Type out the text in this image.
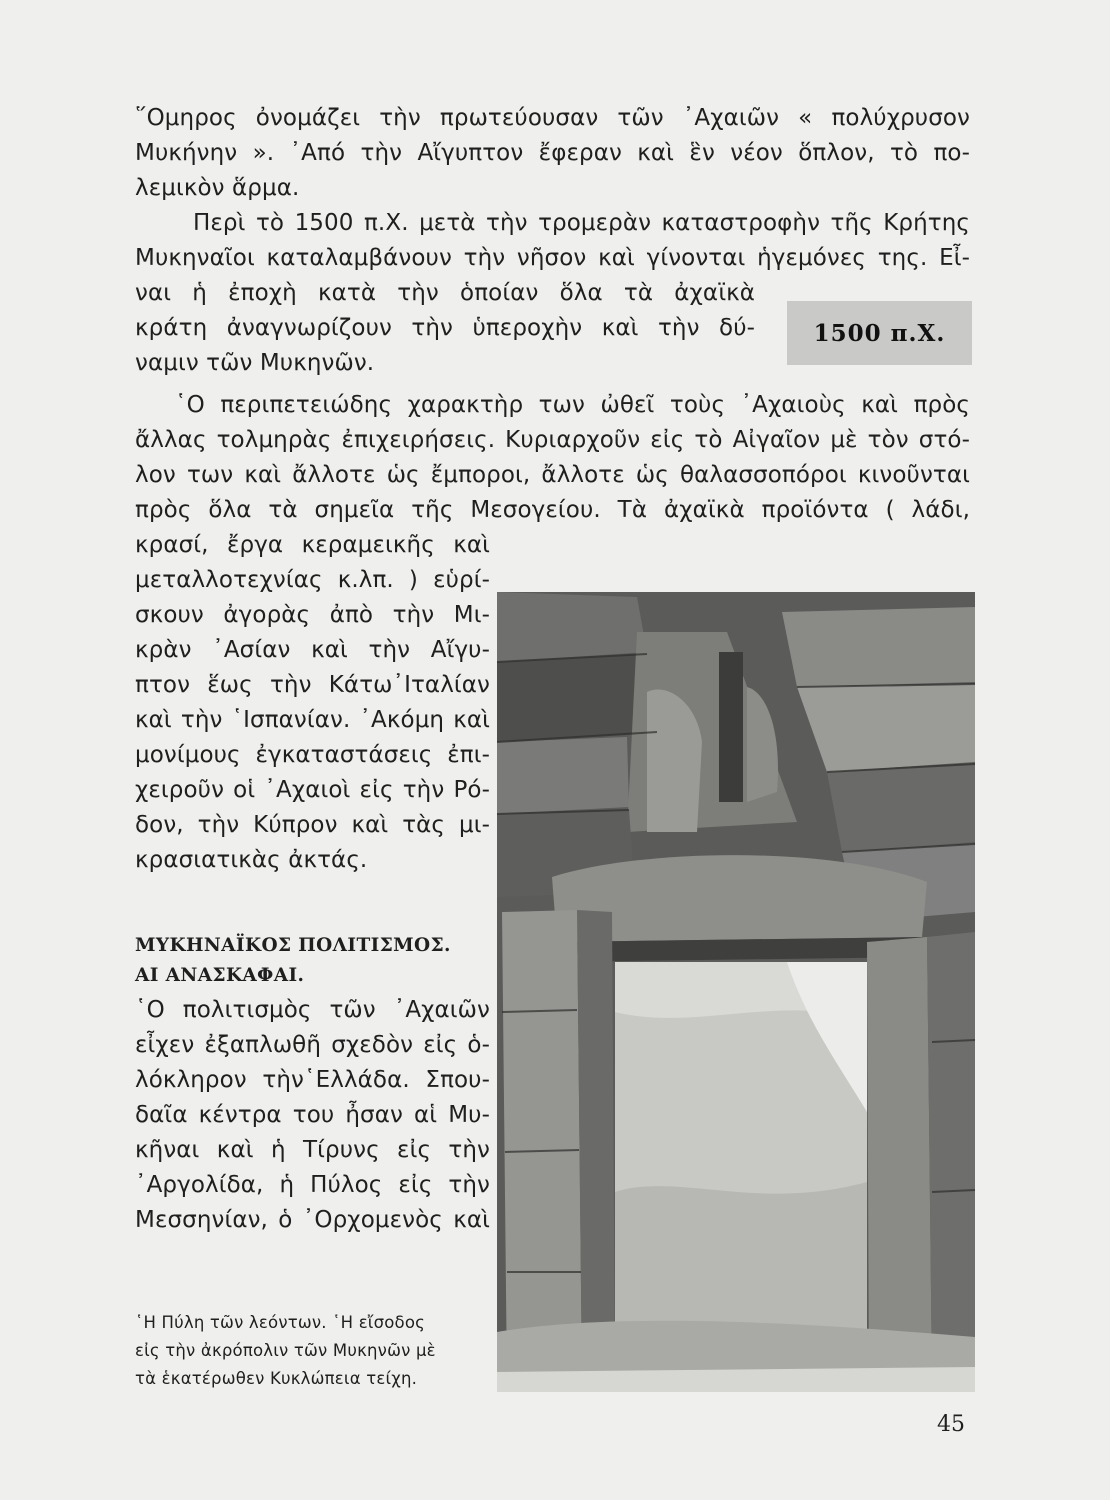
῞Ομηρος ὀνομάζει τὴν πρωτεύουσαν τῶν ᾿Αχαιῶν « πολύχρυσον
Μυκήνην ». ᾿Από τὴν Αἴγυπτον ἔφεραν καὶ ἓν νέον ὅπλον, τὸ πο-
λεμικὸν ἅρμα.
Περὶ τὸ 1500 π.Χ. μετὰ τὴν τρομερὰν καταστροφὴν τῆς Κρήτης
Μυκηναῖοι καταλαμβάνουν τὴν νῆσον καὶ γίνονται ἡγεμόνες της. Εἶ-
ναι ἡ ἐποχὴ κατὰ τὴν ὁποίαν ὅλα τὰ ἀχαϊκὰ
κράτη ἀναγνωρίζουν τὴν ὑπεροχὴν καὶ τὴν δύ-
ναμιν τῶν Μυκηνῶν.
1500 π.Χ.
῾Ο περιπετειώδης χαρακτὴρ των ὠθεῖ τοὺς ᾿Αχαιοὺς καὶ πρὸς
ἄλλας τολμηρὰς ἐπιχειρήσεις. Κυριαρχοῦν εἰς τὸ Αἰγαῖον μὲ τὸν στό-
λον των καὶ ἄλλοτε ὡς ἔμποροι, ἄλλοτε ὡς θαλασσοπόροι κινοῦνται
πρὸς ὅλα τὰ σημεῖα τῆς Μεσογείου. Τὰ ἀχαϊκὰ προϊόντα ( λάδι,
κρασί, ἔργα κεραμεικῆς καὶ
μεταλλοτεχνίας κ.λπ. ) εὑρί-
σκουν ἀγορὰς ἀπὸ τὴν Μι-
κρὰν ᾿Ασίαν καὶ τὴν Αἴγυ-
πτον ἕως τὴν Κάτω᾿Ιταλίαν
καὶ τὴν ῾Ισπανίαν. ᾿Ακόμη καὶ
μονίμους ἐγκαταστάσεις ἐπι-
χειροῦν οἱ ᾿Αχαιοὶ εἰς τὴν Ρό-
δον, τὴν Κύπρον καὶ τὰς μι-
κρασιατικὰς ἀκτάς.
ΜΥΚΗΝΑΪΚΟΣ ΠΟΛΙΤΙΣΜΟΣ.
ΑΙ ΑΝΑΣΚΑΦΑΙ.
῾Ο πολιτισμὸς τῶν ᾿Αχαιῶν
εἶχεν ἐξαπλωθῆ σχεδὸν εἰς ὁ-
λόκληρον τὴν῾Ελλάδα. Σπου-
δαῖα κέντρα του ἦσαν αἱ Μυ-
κῆναι καὶ ἡ Τίρυνς εἰς τὴν
᾿Αργολίδα, ἡ Πύλος εἰς τὴν
Μεσσηνίαν, ὁ ᾿Ορχομενὸς καὶ
῾Η Πύλη τῶν λεόντων. ῾Η εἴσοδος
εἰς τὴν ἀκρόπολιν τῶν Μυκηνῶν μὲ
τὰ ἑκατέρωθεν Κυκλώπεια τείχη.
45
